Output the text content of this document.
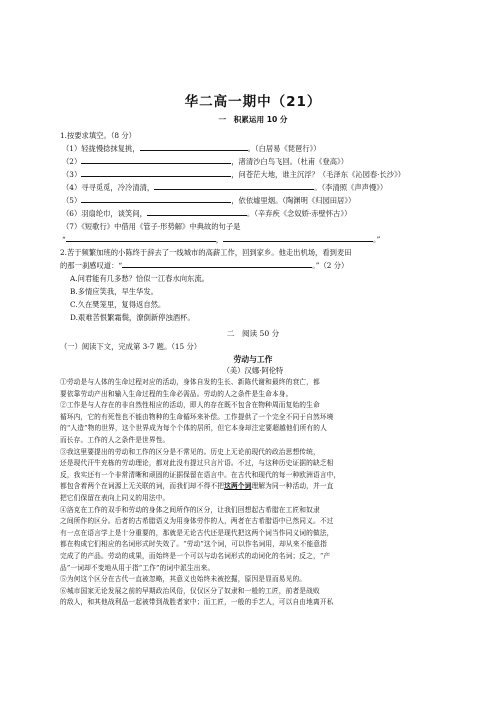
华二高一期中（21）
一　积累运用 10 分
1.按要求填空。（8 分）
（1）轻拢慢捻抹复挑，	。（白居易《琵琶行》）
（2）	，渚清沙白鸟飞回。（杜甫《登高》）
（3）	，问苍茫大地，谁主沉浮？（毛泽东《沁园春·长沙》）
（4）寻寻觅觅，冷冷清清，	。（李清照《声声慢》）
（5）	，依依墟里烟。（陶渊明《归园田居》）
（6）羽扇纶巾，谈笑间，	。（辛弃疾《念奴娇·赤壁怀古》）
（7）《短歌行》中借用《管子·形势解》中典故的句子是
“	，	。”
2.苦于频繁加班的小陈终于辞去了一线城市的高薪工作，回到家乡。他走出机场，看到麦田
的那一刹感叹道：“	。”（2 分）
A.问君能有几多愁？恰似一江春水向东流。
B.多情应笑我，早生华发。
C.久在樊笼里，复得返自然。
D.艰难苦恨繁霜鬓，潦倒新停浊酒杯。
二　阅读 50 分
（一）阅读下文，完成第 3-7 题。（15 分）
劳动与工作
（美）汉娜·阿伦特
①劳动是与人体的生命过程对应的活动，身体自发的生长、新陈代谢和最终的衰亡，都
要依靠劳动产出和输入生命过程的生命必需品。劳动的人之条件是生命本身。
②工作是与人存在的非自然性相应的活动，即人的存在既不包含在物种周而复始的生命
循环内，它的有死性也不能由物种的生命循环来补偿。工作提供了一个完全不同于自然环境
的“人造”物的世界，这个世界成为每个个体的居所，但它本身却注定要超越他们所有的人
而长存。工作的人之条件是世界性。
③我这里要提出的劳动和工作的区分是不常见的。历史上无论前现代的政治思想传统，
还是现代汗牛充栋的劳动理论，都对此没有提过只言片语。不过，与这种历史证据的缺乏相
反，我实还有一个非常清晰和顽固的证据保留在语言中。在古代和现代的每一种欧洲语言中，
都包含着两个在词源上无关联的词，而我们却不得不把这两个词理解为同一种活动，并一直
把它们保留在表向上同义的用法中。
④洛克在工作的双手和劳动的身体之间所作的区分，让我们回想起古希腊在工匠和奴隶
之间所作的区分。后者的古希腊语义为用身体劳作的人，两者在古希腊语中已然同义。不过
有一点在语言学上是十分重要的，那就是无论古代还是现代把这两个词当作同义词的做法，
都在构成它们相应的名词形式时失效了。“劳动”这个词，可以作名词用，却从来不能意指
完成了的产品。劳动的成果，而始终是一个可以与动名词形式的动词化的名词；反之，“产
品”一词却不变地从用于指“工作”的词中派生出来。
⑤为何这个区分在古代一直被忽略，其意义也始终未被挖掘，原因是显而易见的。
⑥城市国家无论发展之前的早期政治风俗，仅仅区分了奴隶和一般的工匠，前者是战败
的敌人，和其他战利品一起被带到战胜者家中；而工匠，一般的手艺人，可以自由地离开私
